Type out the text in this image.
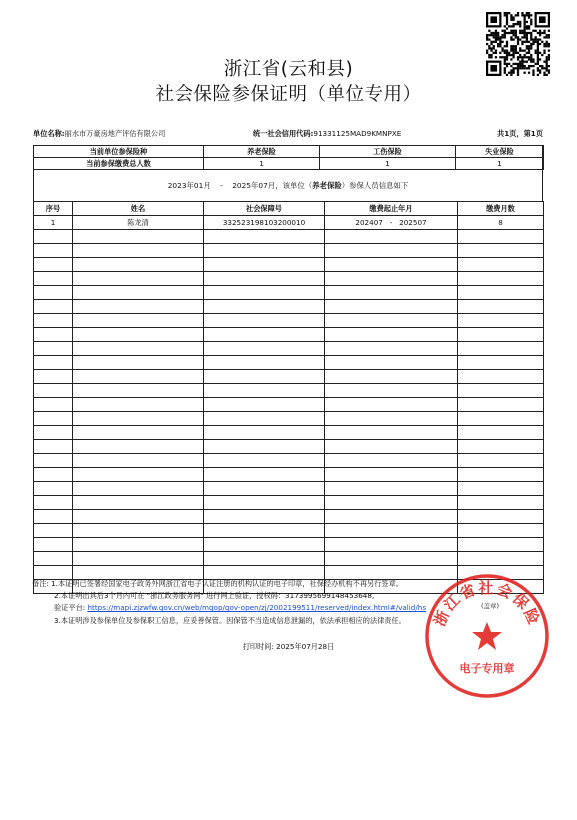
浙江省(云和县)
社会保险参保证明（单位专用）
单位名称:丽水市万豪房地产评估有限公司	统一社会信用代码:91331125MAD9KMNPXE	共1页，第1页
当前单位参保险种	养老保险	工伤保险	失业保险
当前参保缴费总人数	1	1	1
2023年01月 - 2025年07月，该单位（养老保险）参保人员信息如下
序号	姓名	社会保障号	缴费起止年月	缴费月数
1	陈龙清	332523198103200010	202407 - 202507	8

备注: 1.本证明已签署经国家电子政务外网浙江省电子认证注册的机构认证的电子印章，社保经办机构不再另行签章。
2.本证明出具后3个月内可在 "浙江政务服务网" 进行网上验证，授权码：3173995699148453648,
验证平台: https://mapi.zjzwfw.gov.cn/web/mgop/gov-open/zj/2002199511/reserved/index.html#/valid/hs
3.本证明涉及参保单位及参保职工信息，应妥善保管。因保管不当造成信息泄漏的，依法承担相应的法律责任。
打印时间: 2025年07月28日
(盖章)
浙江省社会保险
电子专用章
